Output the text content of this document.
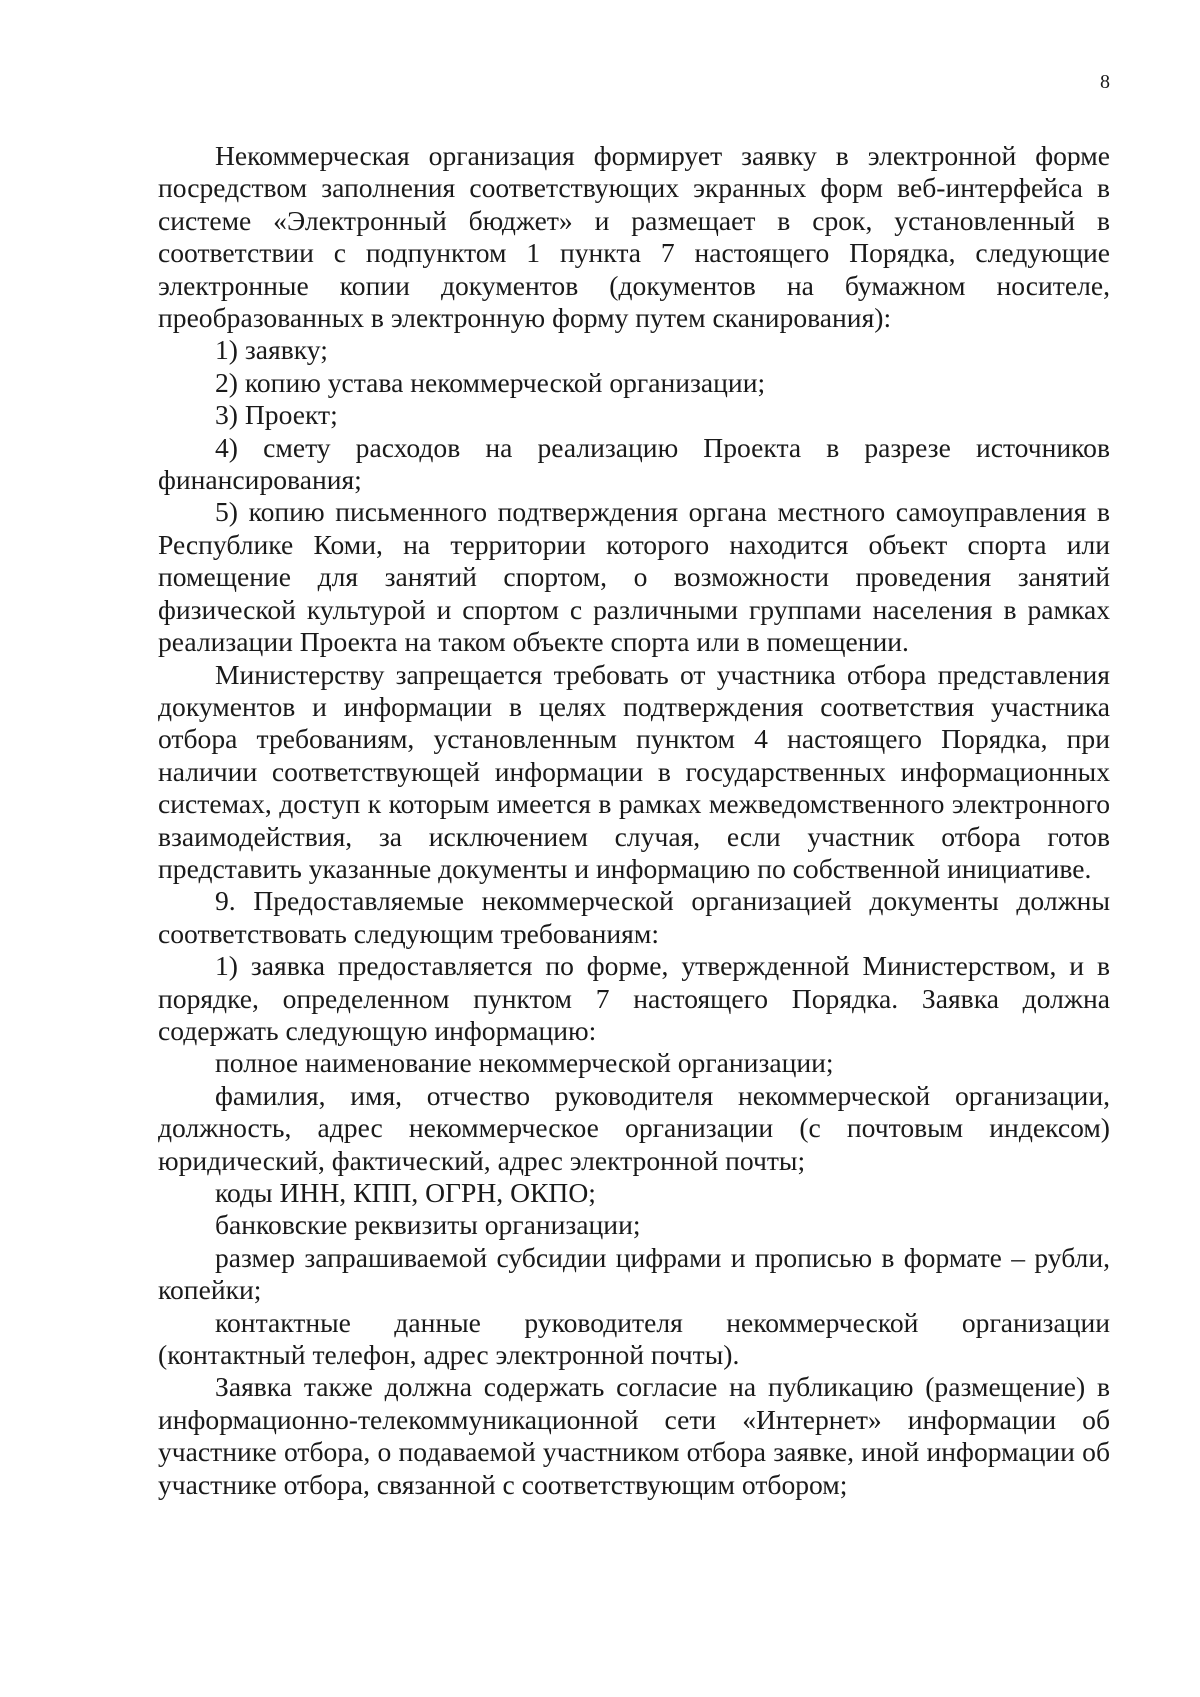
8

Некоммерческая организация формирует заявку в электронной форме посредством заполнения соответствующих экранных форм веб-интерфейса в системе «Электронный бюджет» и размещает в срок, установленный в соответствии с подпунктом 1 пункта 7 настоящего Порядка, следующие электронные копии документов (документов на бумажном носителе, преобразованных в электронную форму путем сканирования):

1) заявку;

2) копию устава некоммерческой организации;

3) Проект;

4) смету расходов на реализацию Проекта в разрезе источников финансирования;

5) копию письменного подтверждения органа местного самоуправления в Республике Коми, на территории которого находится объект спорта или помещение для занятий спортом, о возможности проведения занятий физической культурой и спортом с различными группами населения в рамках реализации Проекта на таком объекте спорта или в помещении.

Министерству запрещается требовать от участника отбора представления документов и информации в целях подтверждения соответствия участника отбора требованиям, установленным пунктом 4 настоящего Порядка, при наличии соответствующей информации в государственных информационных системах, доступ к которым имеется в рамках межведомственного электронного взаимодействия, за исключением случая, если участник отбора готов представить указанные документы и информацию по собственной инициативе.

9. Предоставляемые некоммерческой организацией документы должны соответствовать следующим требованиям:

1) заявка предоставляется по форме, утвержденной Министерством, и в порядке, определенном пунктом 7 настоящего Порядка. Заявка должна содержать следующую информацию:

полное наименование некоммерческой организации;

фамилия, имя, отчество руководителя некоммерческой организации, должность, адрес некоммерческое организации (с почтовым индексом) юридический, фактический, адрес электронной почты;

коды ИНН, КПП, ОГРН, ОКПО;

банковские реквизиты организации;

размер запрашиваемой субсидии цифрами и прописью в формате – рубли, копейки;

контактные данные руководителя некоммерческой организации (контактный телефон, адрес электронной почты).

Заявка также должна содержать согласие на публикацию (размещение) в информационно-телекоммуникационной сети «Интернет» информации об участнике отбора, о подаваемой участником отбора заявке, иной информации об участнике отбора, связанной с соответствующим отбором;
